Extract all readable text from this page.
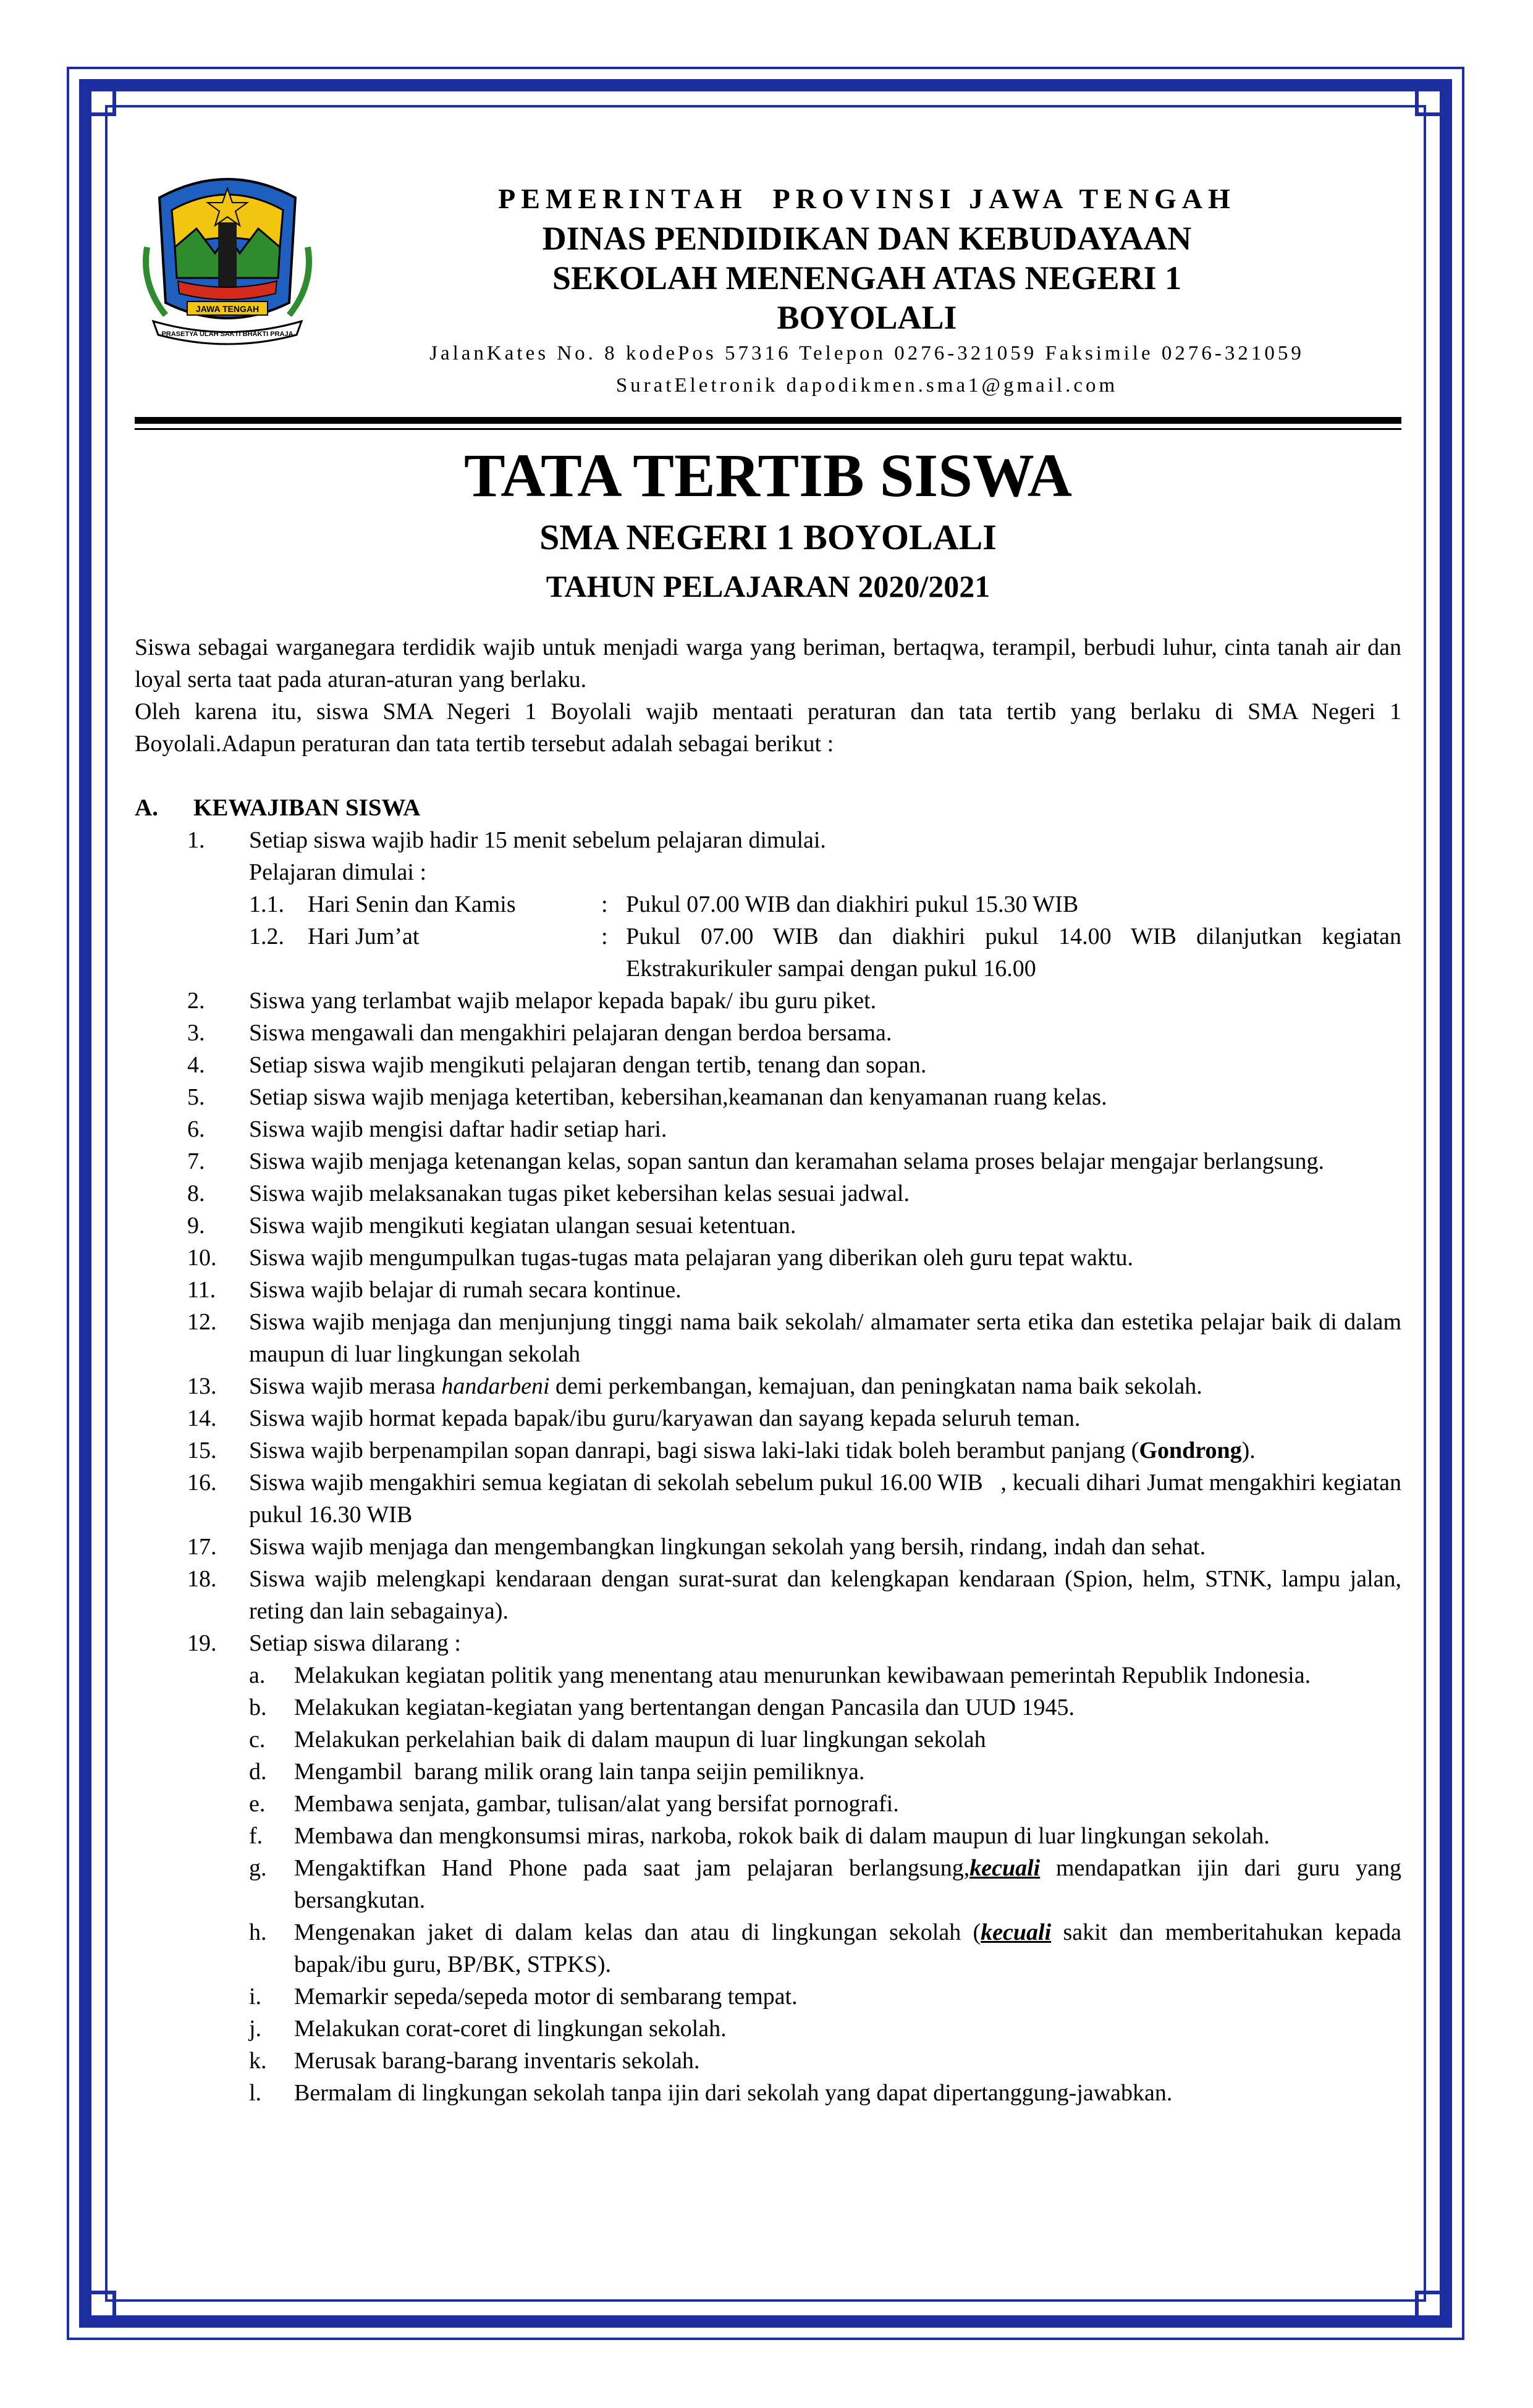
JAWA TENGAH
PRASETYA ULAH SAKTI BHAKTI PRAJA
PEMERINTAH  PROVINSI JAWA TENGAH
DINAS PENDIDIKAN DAN KEBUDAYAAN
SEKOLAH MENENGAH ATAS NEGERI 1
BOYOLALI
JalanKates No. 8 kodePos 57316 Telepon 0276-321059 Faksimile 0276-321059
SuratEletronik dapodikmen.sma1@gmail.com
TATA TERTIB SISWA
SMA NEGERI 1 BOYOLALI
TAHUN PELAJARAN 2020/2021
Siswa sebagai warganegara terdidik wajib untuk menjadi warga yang beriman, bertaqwa, terampil, berbudi luhur, cinta tanah air dan loyal serta taat pada aturan-aturan yang berlaku.
Oleh karena itu, siswa SMA Negeri 1 Boyolali wajib mentaati peraturan dan tata tertib yang berlaku di SMA Negeri 1 Boyolali.Adapun peraturan dan tata tertib tersebut adalah sebagai berikut :
A.	KEWAJIBAN SISWA
1.	Setiap siswa wajib hadir 15 menit sebelum pelajaran dimulai.
Pelajaran dimulai :
1.1.	Hari Senin dan Kamis	: Pukul 07.00 WIB dan diakhiri pukul 15.30 WIB
1.2.	Hari Jum’at	: Pukul 07.00 WIB dan diakhiri pukul 14.00 WIB dilanjutkan kegiatan Ekstrakurikuler sampai dengan pukul 16.00
2.	Siswa yang terlambat wajib melapor kepada bapak/ ibu guru piket.
3.	Siswa mengawali dan mengakhiri pelajaran dengan berdoa bersama.
4.	Setiap siswa wajib mengikuti pelajaran dengan tertib, tenang dan sopan.
5.	Setiap siswa wajib menjaga ketertiban, kebersihan,keamanan dan kenyamanan ruang kelas.
6.	Siswa wajib mengisi daftar hadir setiap hari.
7.	Siswa wajib menjaga ketenangan kelas, sopan santun dan keramahan selama proses belajar mengajar berlangsung.
8.	Siswa wajib melaksanakan tugas piket kebersihan kelas sesuai jadwal.
9.	Siswa wajib mengikuti kegiatan ulangan sesuai ketentuan.
10.	Siswa wajib mengumpulkan tugas-tugas mata pelajaran yang diberikan oleh guru tepat waktu.
11.	Siswa wajib belajar di rumah secara kontinue.
12.	Siswa wajib menjaga dan menjunjung tinggi nama baik sekolah/ almamater serta etika dan estetika pelajar baik di dalam maupun di luar lingkungan sekolah
13.	Siswa wajib merasa handarbeni demi perkembangan, kemajuan, dan peningkatan nama baik sekolah.
14.	Siswa wajib hormat kepada bapak/ibu guru/karyawan dan sayang kepada seluruh teman.
15.	Siswa wajib berpenampilan sopan danrapi, bagi siswa laki-laki tidak boleh berambut panjang (Gondrong).
16.	Siswa wajib mengakhiri semua kegiatan di sekolah sebelum pukul 16.00 WIB   , kecuali dihari Jumat mengakhiri kegiatan pukul 16.30 WIB
17.	Siswa wajib menjaga dan mengembangkan lingkungan sekolah yang bersih, rindang, indah dan sehat.
18.	Siswa wajib melengkapi kendaraan dengan surat-surat dan kelengkapan kendaraan (Spion, helm, STNK, lampu jalan, reting dan lain sebagainya).
19.	Setiap siswa dilarang :
a.	Melakukan kegiatan politik yang menentang atau menurunkan kewibawaan pemerintah Republik Indonesia.
b.	Melakukan kegiatan-kegiatan yang bertentangan dengan Pancasila dan UUD 1945.
c.	Melakukan perkelahian baik di dalam maupun di luar lingkungan sekolah
d.	Mengambil  barang milik orang lain tanpa seijin pemiliknya.
e.	Membawa senjata, gambar, tulisan/alat yang bersifat pornografi.
f.	Membawa dan mengkonsumsi miras, narkoba, rokok baik di dalam maupun di luar lingkungan sekolah.
g.	Mengaktifkan Hand Phone pada saat jam pelajaran berlangsung,kecuali mendapatkan ijin dari guru yang bersangkutan.
h.	Mengenakan jaket di dalam kelas dan atau di lingkungan sekolah (kecuali sakit dan memberitahukan kepada bapak/ibu guru, BP/BK, STPKS).
i.	Memarkir sepeda/sepeda motor di sembarang tempat.
j.	Melakukan corat-coret di lingkungan sekolah.
k.	Merusak barang-barang inventaris sekolah.
l.	Bermalam di lingkungan sekolah tanpa ijin dari sekolah yang dapat dipertanggung-jawabkan.
